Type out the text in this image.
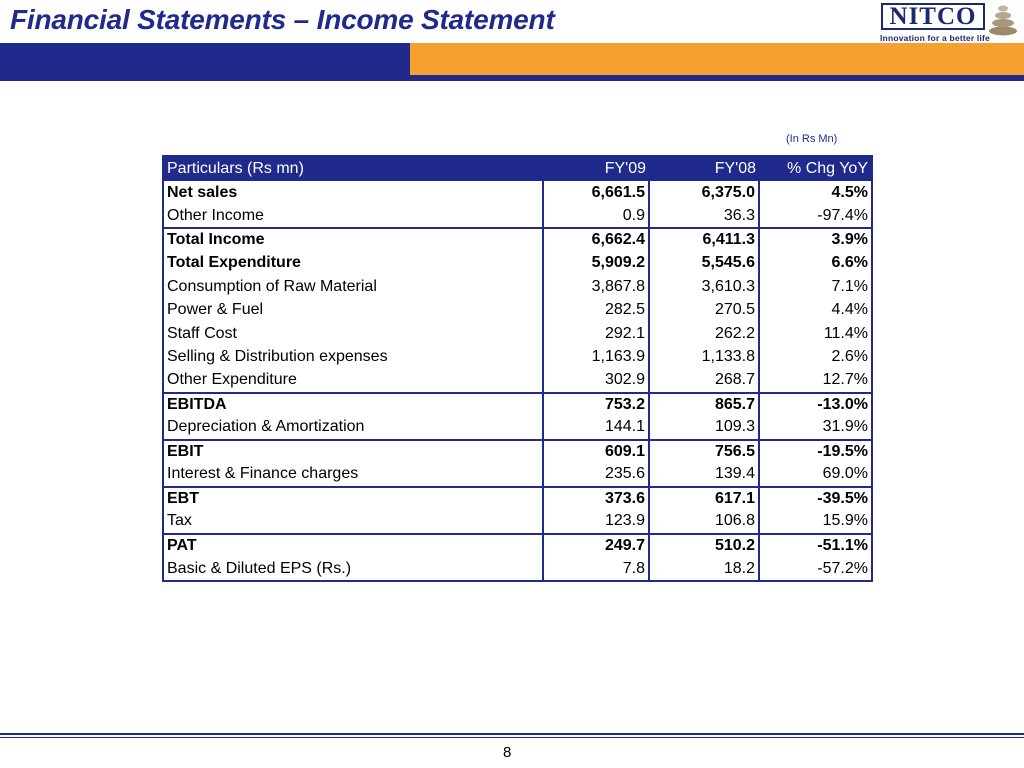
Financial Statements – Income Statement	NITCO
Innovation for a better life
(In Rs Mn)
Particulars (Rs mn)	FY'09	FY'08	% Chg YoY
Net sales	6,661.5	6,375.0	4.5%
Other Income	0.9	36.3	-97.4%
Total Income	6,662.4	6,411.3	3.9%
Total Expenditure	5,909.2	5,545.6	6.6%
Consumption of Raw Material	3,867.8	3,610.3	7.1%
Power & Fuel	282.5	270.5	4.4%
Staff Cost	292.1	262.2	11.4%
Selling & Distribution expenses	1,163.9	1,133.8	2.6%
Other Expenditure	302.9	268.7	12.7%
EBITDA	753.2	865.7	-13.0%
Depreciation & Amortization	144.1	109.3	31.9%
EBIT	609.1	756.5	-19.5%
Interest & Finance charges	235.6	139.4	69.0%
EBT	373.6	617.1	-39.5%
Tax	123.9	106.8	15.9%
PAT	249.7	510.2	-51.1%
Basic & Diluted EPS (Rs.)	7.8	18.2	-57.2%
8
